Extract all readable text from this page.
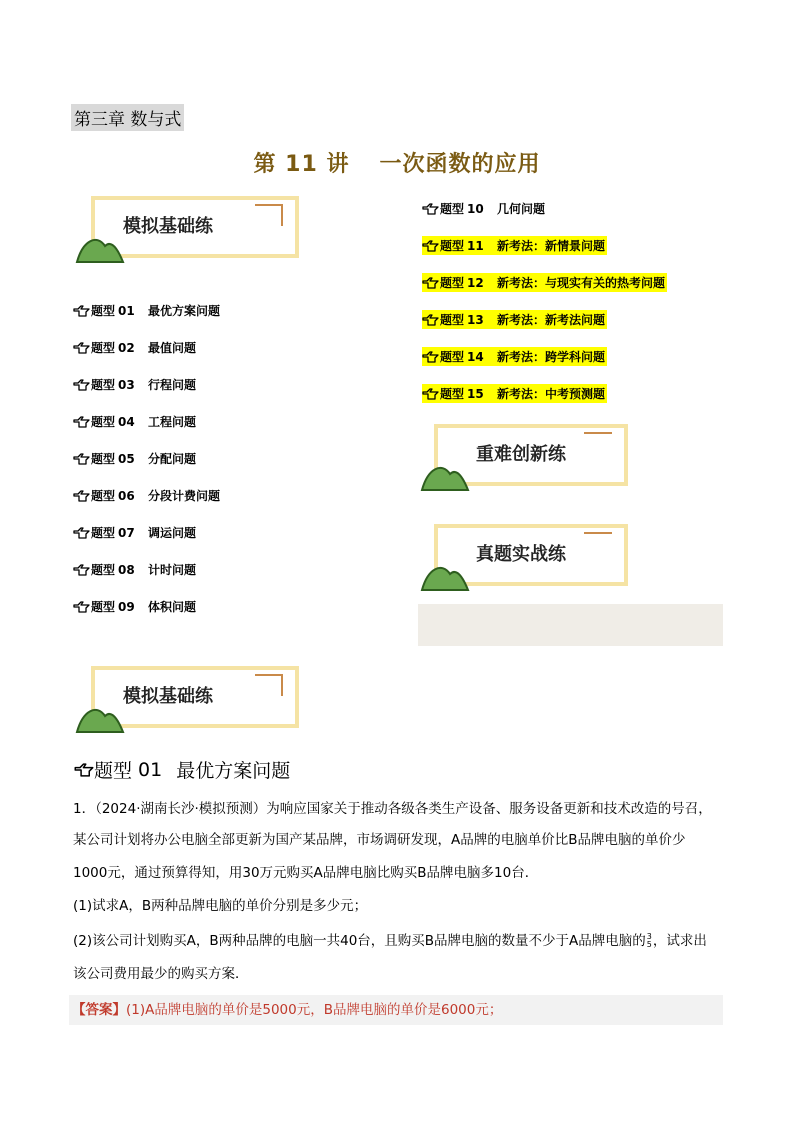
第三章 数与式
第 11 讲 一次函数的应用
模拟基础练
题型 01	最优方案问题
题型 02	最值问题
题型 03	行程问题
题型 04	工程问题
题型 05	分配问题
题型 06	分段计费问题
题型 07	调运问题
题型 08	计时问题
题型 09	体积问题
题型 10	几何问题
题型 11	新考法：新情景问题
题型 12	新考法：与现实有关的热考问题
题型 13	新考法：新考法问题
题型 14	新考法：跨学科问题
题型 15	新考法：中考预测题
重难创新练
真题实战练
模拟基础练
题型 01 最优方案问题
1．（2024·湖南长沙·模拟预测）为响应国家关于推动各级各类生产设备、服务设备更新和技术改造的号召，
某公司计划将办公电脑全部更新为国产某品牌，市场调研发现，A品牌的电脑单价比B品牌电脑的单价少
1000元，通过预算得知，用30万元购买A品牌电脑比购买B品牌电脑多10台．
(1)试求A，B两种品牌电脑的单价分别是多少元；
(2)该公司计划购买A，B两种品牌的电脑一共40台，且购买B品牌电脑的数量不少于A品牌电脑的 3
5 ，试求出
该公司费用最少的购买方案．
【答案】(1)A品牌电脑的单价是5000元，B品牌电脑的单价是6000元；
